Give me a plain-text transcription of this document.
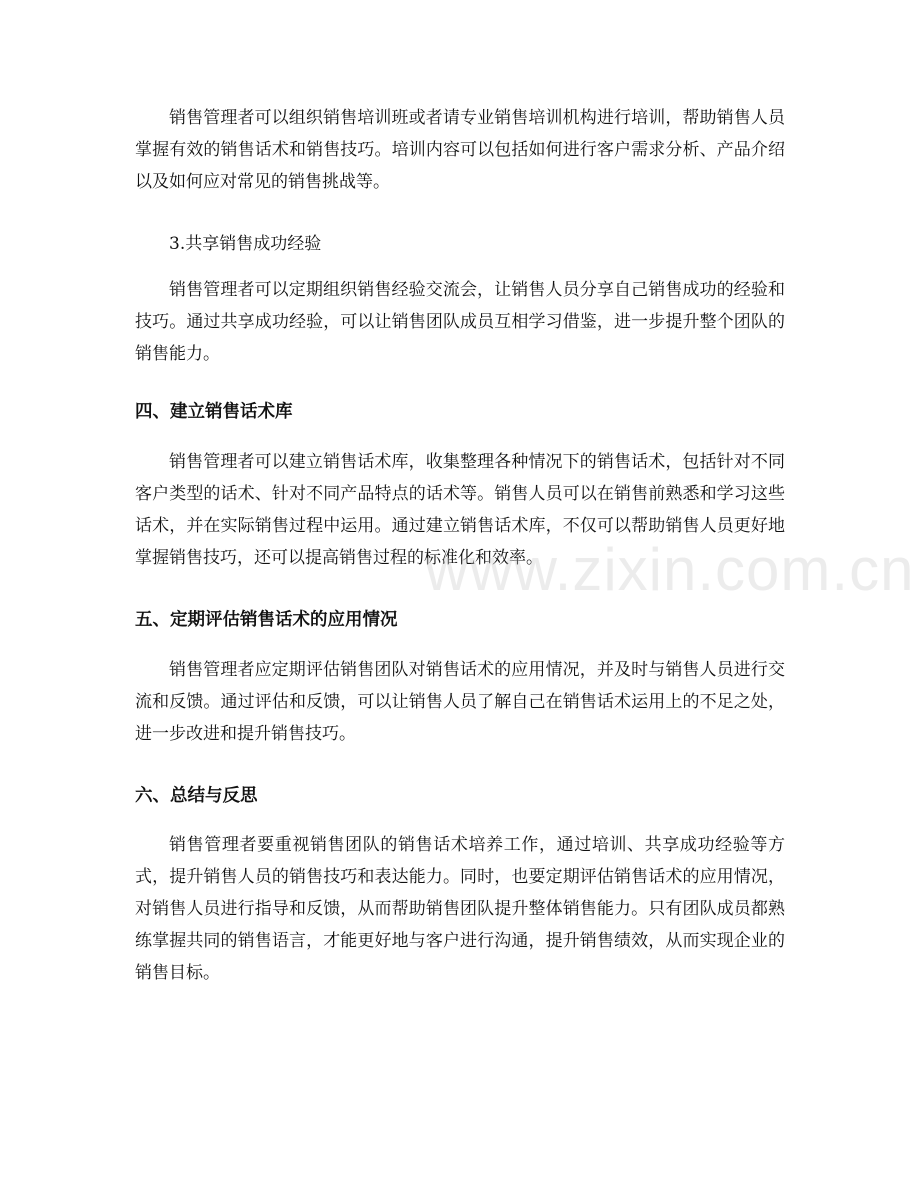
销售管理者可以组织销售培训班或者请专业销售培训机构进行培训，帮助销售人员掌握有效的销售话术和销售技巧。培训内容可以包括如何进行客户需求分析、产品介绍以及如何应对常见的销售挑战等。

3.共享销售成功经验

销售管理者可以定期组织销售经验交流会，让销售人员分享自己销售成功的经验和技巧。通过共享成功经验，可以让销售团队成员互相学习借鉴，进一步提升整个团队的销售能力。

四、建立销售话术库

销售管理者可以建立销售话术库，收集整理各种情况下的销售话术，包括针对不同客户类型的话术、针对不同产品特点的话术等。销售人员可以在销售前熟悉和学习这些话术，并在实际销售过程中运用。通过建立销售话术库，不仅可以帮助销售人员更好地掌握销售技巧，还可以提高销售过程的标准化和效率。

五、定期评估销售话术的应用情况

销售管理者应定期评估销售团队对销售话术的应用情况，并及时与销售人员进行交流和反馈。通过评估和反馈，可以让销售人员了解自己在销售话术运用上的不足之处，进一步改进和提升销售技巧。

六、总结与反思

销售管理者要重视销售团队的销售话术培养工作，通过培训、共享成功经验等方式，提升销售人员的销售技巧和表达能力。同时，也要定期评估销售话术的应用情况，对销售人员进行指导和反馈，从而帮助销售团队提升整体销售能力。只有团队成员都熟练掌握共同的销售语言，才能更好地与客户进行沟通，提升销售绩效，从而实现企业的销售目标。

www.zixin.com.cn
